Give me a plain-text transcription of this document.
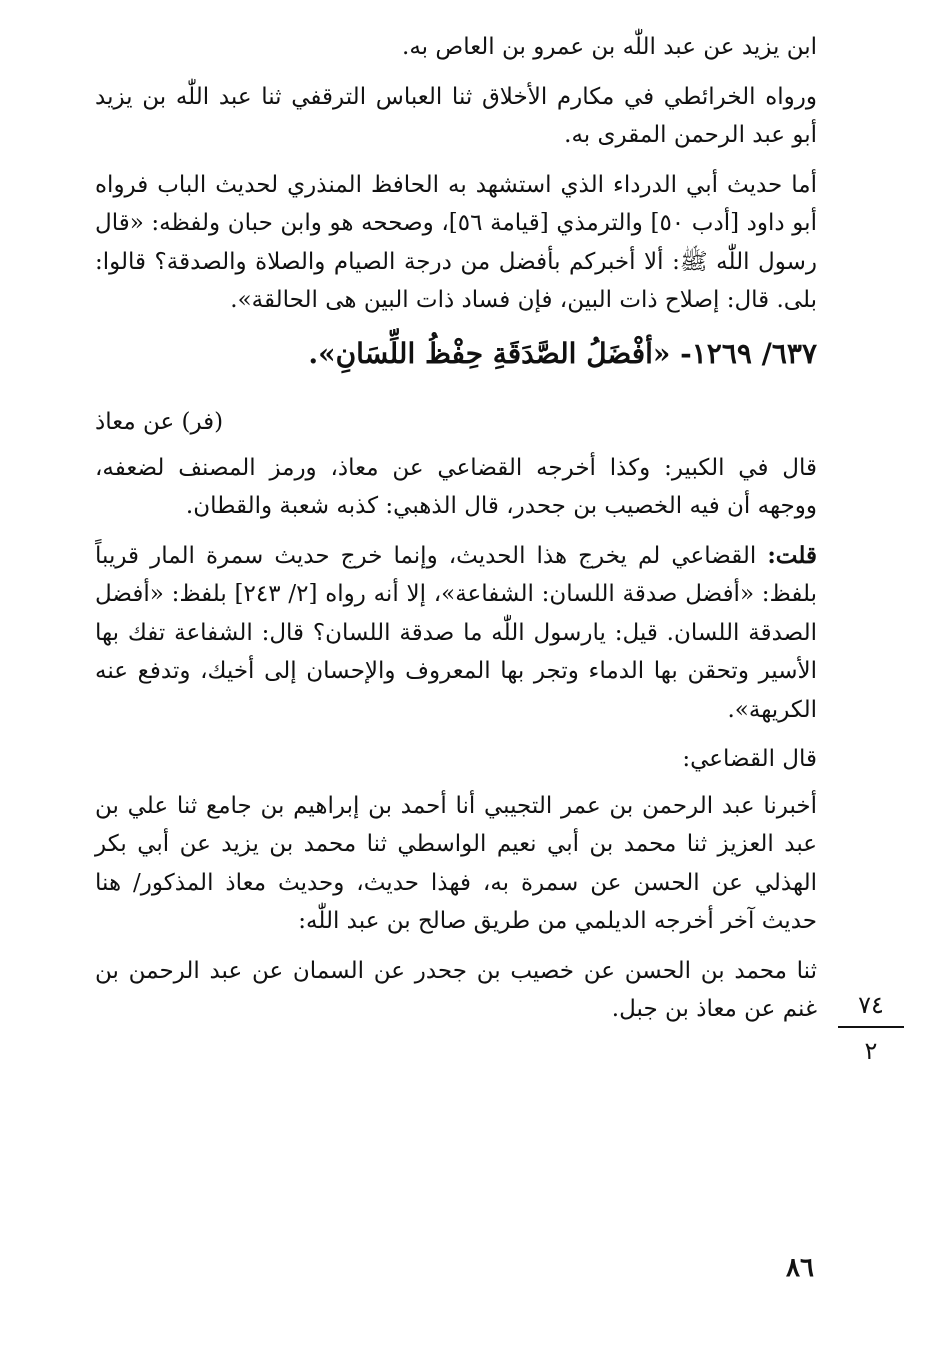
ابن يزيد عن عبد اللّٰه بن عمرو بن العاص به.

ورواه الخرائطي في مكارم الأخلاق ثنا العباس الترقفي ثنا عبد اللّٰه بن يزيد أبو عبد الرحمن المقرى به.

أما حديث أبي الدرداء الذي استشهد به الحافظ المنذري لحديث الباب فرواه أبو داود [أدب ٥٠] والترمذي [قيامة ٥٦]، وصححه هو وابن حبان ولفظه: «قال رسول اللّٰه ﷺ: ألا أخبركم بأفضل من درجة الصيام والصلاة والصدقة؟ قالوا: بلى. قال: إصلاح ذات البين، فإن فساد ذات البين هى الحالقة».

٦٣٧/ ١٢٦٩- «أفْضَلُ الصَّدَقَةِ حِفْظُ اللِّسَانِ».

(فر) عن معاذ

قال في الكبير: وكذا أخرجه القضاعي عن معاذ، ورمز المصنف لضعفه، ووجهه أن فيه الخصيب بن جحدر، قال الذهبي: كذبه شعبة والقطان.

قلت: القضاعي لم يخرج هذا الحديث، وإنما خرج حديث سمرة المار قريباً بلفظ: «أفضل صدقة اللسان: الشفاعة»، إلا أنه رواه [٢/ ٢٤٣] بلفظ: «أفضل الصدقة اللسان. قيل: يارسول اللّٰه ما صدقة اللسان؟ قال: الشفاعة تفك بها الأسير وتحقن بها الدماء وتجر بها المعروف والإحسان إلى أخيك، وتدفع عنه الكريهة».

قال القضاعي:

أخبرنا عبد الرحمن بن عمر التجيبي أنا أحمد بن إبراهيم بن جامع ثنا علي بن عبد العزيز ثنا محمد بن أبي نعيم الواسطي ثنا محمد بن يزيد عن أبي بكر الهذلي عن الحسن عن سمرة به، فهذا حديث، وحديث معاذ المذكور/ هنا حديث آخر أخرجه الديلمي من طريق صالح بن عبد اللّٰه:

ثنا محمد بن الحسن عن خصيب بن جحدر عن السمان عن عبد الرحمن بن غنم عن معاذ بن جبل.	٧٤
٢
٨٦
